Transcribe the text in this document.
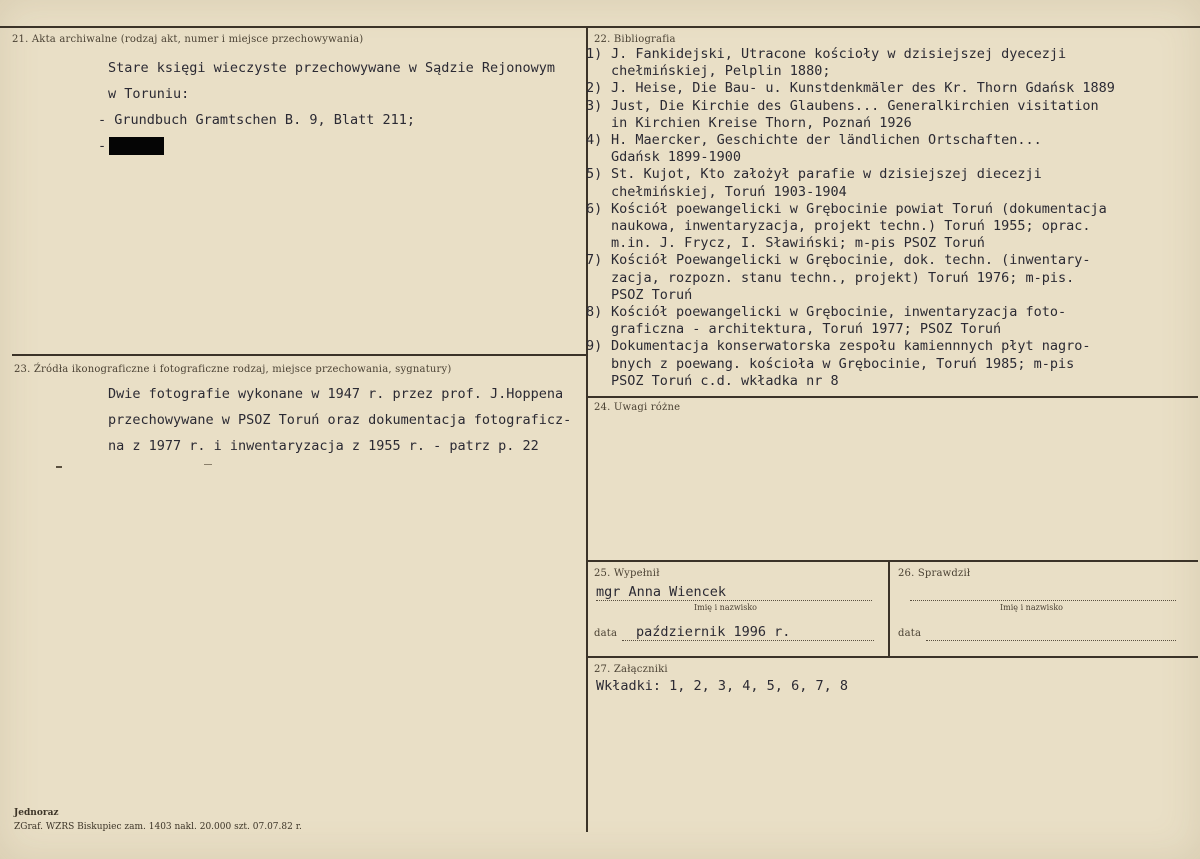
21. Akta archiwalne (rodzaj akt, numer i miejsce przechowywania)
Stare księgi wieczyste przechowywane w Sądzie Rejonowym
w Toruniu:
- Grundbuch Gramtschen B. 9, Blatt 211;
-
22. Bibliografia
1) J. Fankidejski, Utracone kościoły w dzisiejszej dyecezji
chełmińskiej, Pelplin 1880;
2) J. Heise, Die Bau- u. Kunstdenkmäler des Kr. Thorn Gdańsk 1889
3) Just, Die Kirchie des Glaubens... Generalkirchien visitation
in Kirchien Kreise Thorn, Poznań 1926
4) H. Maercker, Geschichte der ländlichen Ortschaften...
Gdańsk 1899-1900
5) St. Kujot, Kto założył parafie w dzisiejszej diecezji
chełmińskiej, Toruń 1903-1904
6) Kościół poewangelicki w Grębocinie powiat Toruń (dokumentacja
naukowa, inwentaryzacja, projekt techn.) Toruń 1955; oprac.
m.in. J. Frycz, I. Sławiński; m-pis PSOZ Toruń
7) Kościół Poewangelicki w Grębocinie, dok. techn. (inwentary-
zacja, rozpozn. stanu techn., projekt) Toruń 1976; m-pis.
PSOZ Toruń
8) Kościół poewangelicki w Grębocinie, inwentaryzacja foto-
graficzna - architektura, Toruń 1977; PSOZ Toruń
9) Dokumentacja konserwatorska zespołu kamiennnych płyt nagro-
bnych z poewang. kościoła w Grębocinie, Toruń 1985; m-pis
PSOZ Toruń c.d. wkładka nr 8
23. Źródła ikonograficzne i fotograficzne rodzaj, miejsce przechowania, sygnatury)
Dwie fotografie wykonane w 1947 r. przez prof. J.Hoppena
przechowywane w PSOZ Toruń oraz dokumentacja fotograficz-
na z 1977 r. i inwentaryzacja z 1955 r. - patrz p. 22
24. Uwagi różne
25. Wypełnił
mgr Anna Wiencek
Imię i nazwisko
data październik 1996 r.
26. Sprawdził
Imię i nazwisko
data
27. Załączniki
Wkładki: 1, 2, 3, 4, 5, 6, 7, 8
Jednoraz
ZGraf. WZRS Biskupiec zam. 1403 nakl. 20.000 szt. 07.07.82 r.
